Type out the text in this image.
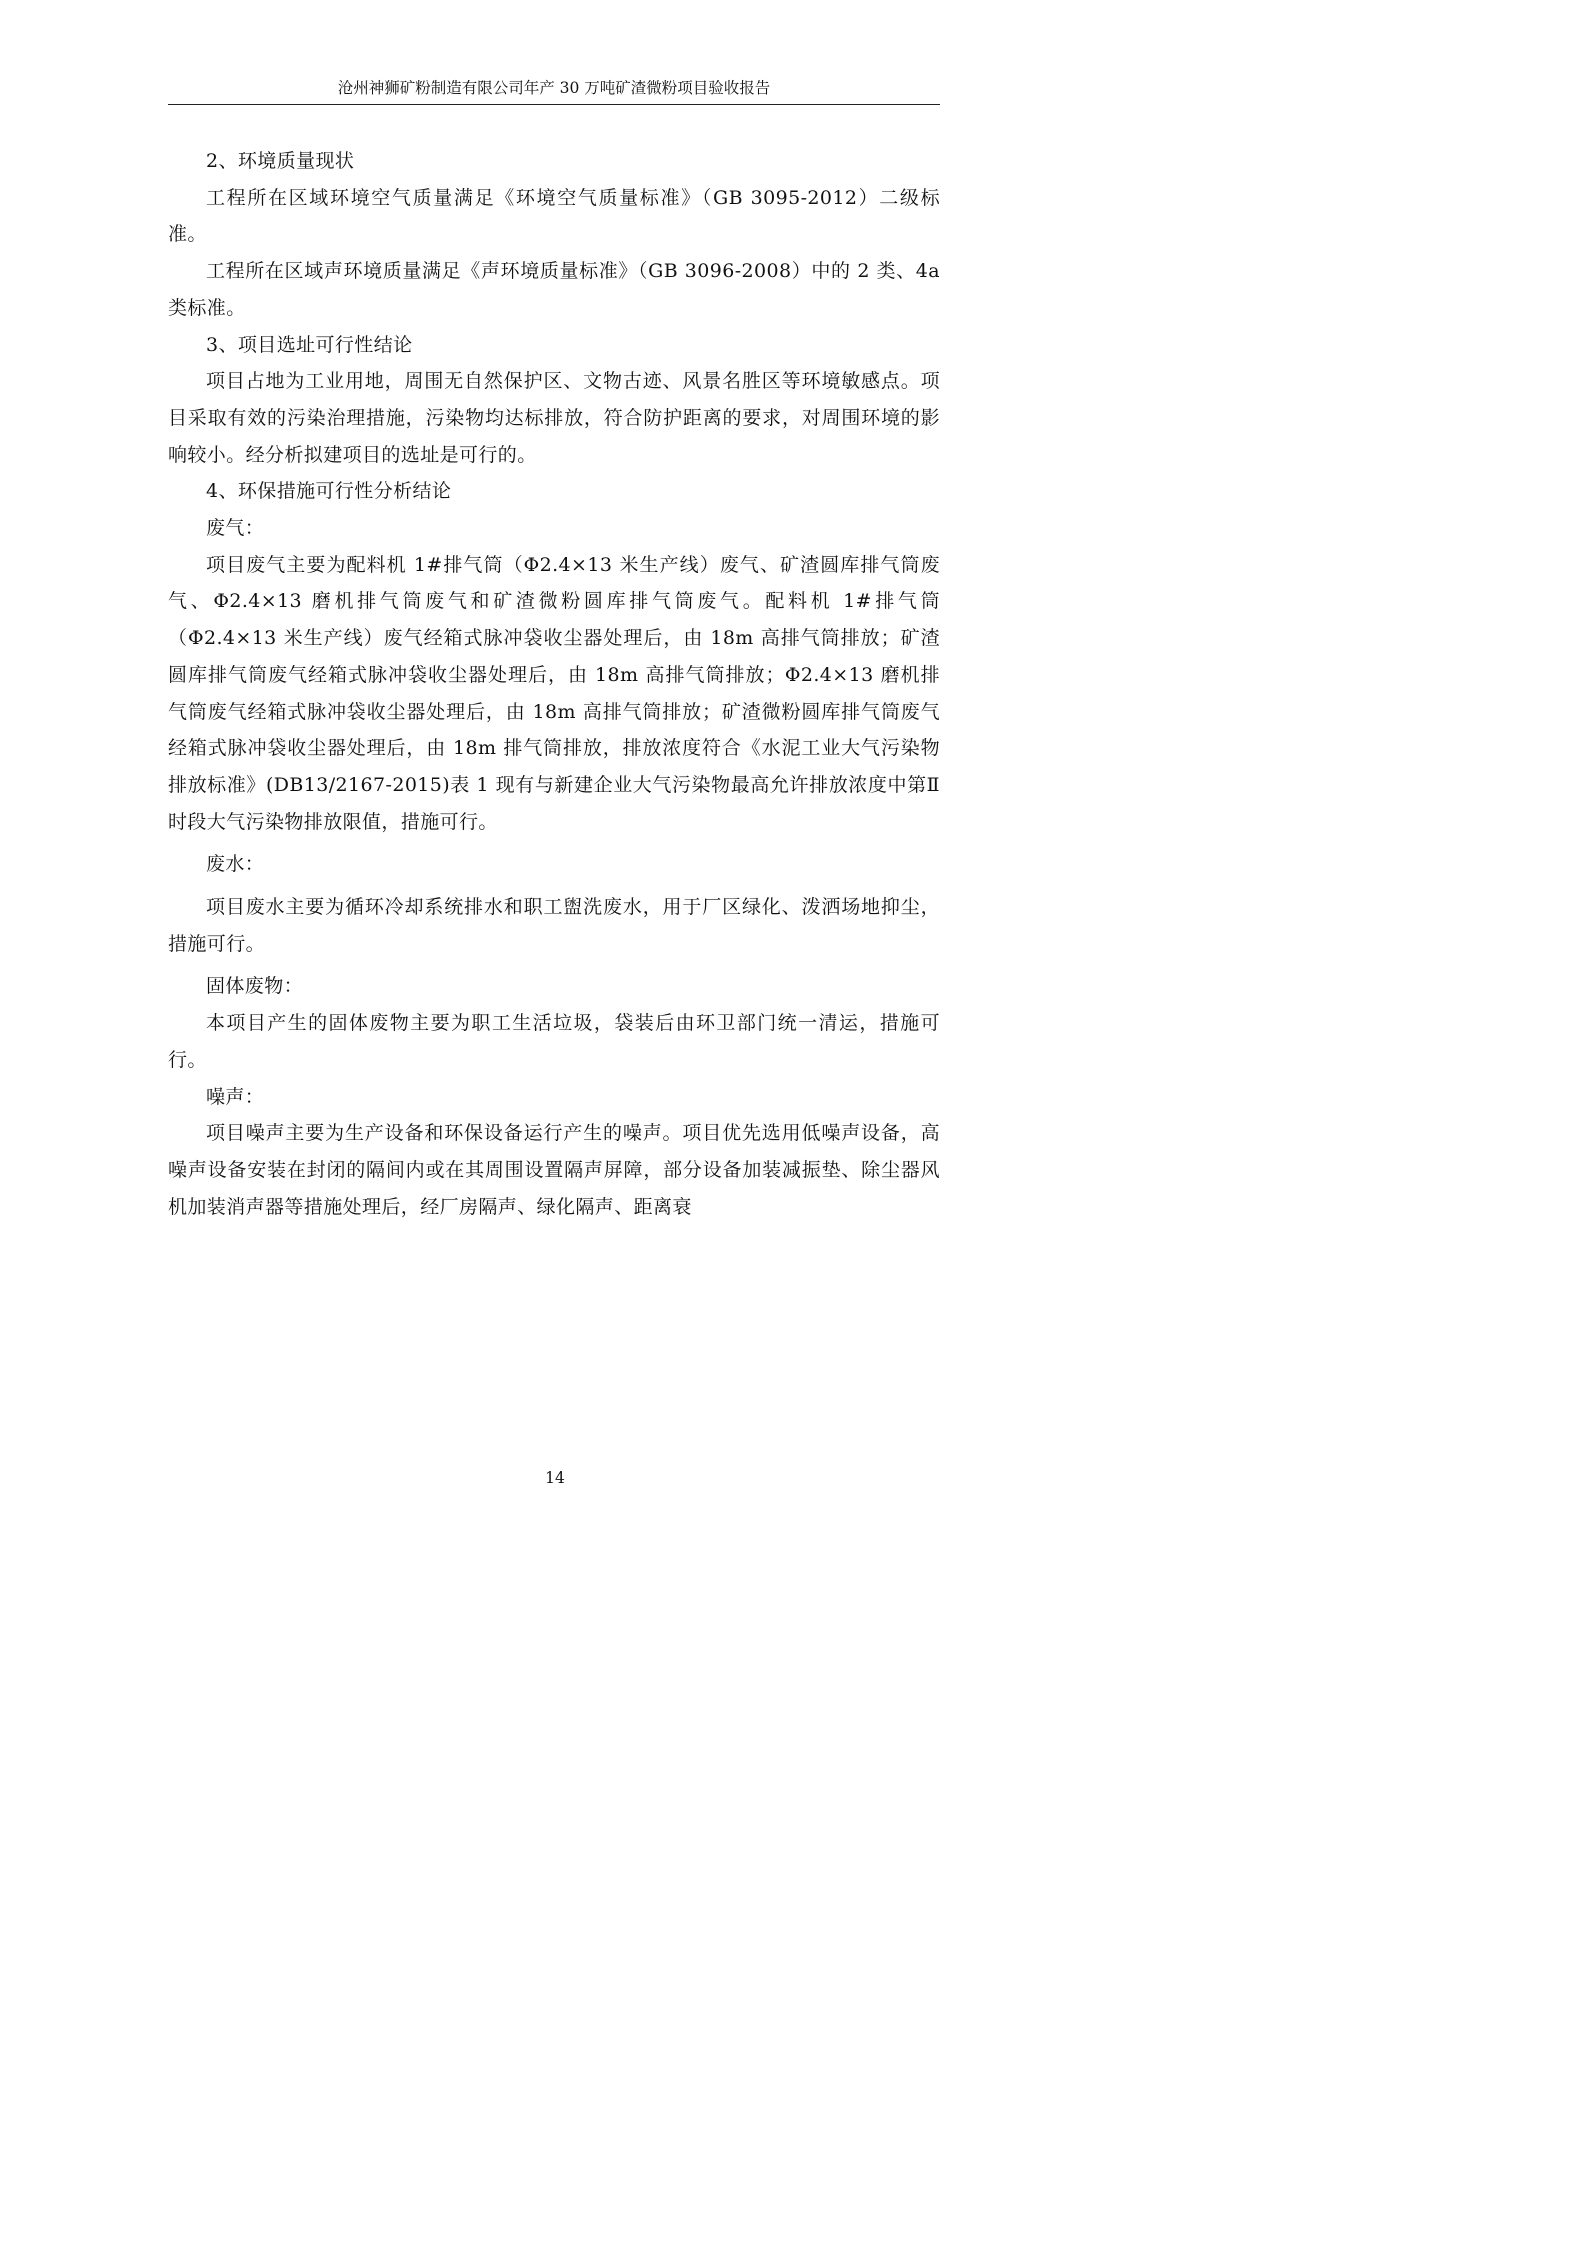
沧州神狮矿粉制造有限公司年产 30 万吨矿渣微粉项目验收报告

2、环境质量现状

工程所在区域环境空气质量满足《环境空气质量标准》（GB 3095-2012）二级标准。

工程所在区域声环境质量满足《声环境质量标准》（GB 3096-2008）中的 2 类、4a 类标准。

3、项目选址可行性结论

项目占地为工业用地，周围无自然保护区、文物古迹、风景名胜区等环境敏感点。项目采取有效的污染治理措施，污染物均达标排放，符合防护距离的要求，对周围环境的影响较小。经分析拟建项目的选址是可行的。

4、环保措施可行性分析结论

废气：

项目废气主要为配料机 1#排气筒（Φ2.4×13 米生产线）废气、矿渣圆库排气筒废气、Φ2.4×13 磨机排气筒废气和矿渣微粉圆库排气筒废气。配料机 1#排气筒（Φ2.4×13 米生产线）废气经箱式脉冲袋收尘器处理后，由 18m 高排气筒排放；矿渣圆库排气筒废气经箱式脉冲袋收尘器处理后，由 18m 高排气筒排放；Φ2.4×13 磨机排气筒废气经箱式脉冲袋收尘器处理后，由 18m 高排气筒排放；矿渣微粉圆库排气筒废气经箱式脉冲袋收尘器处理后，由 18m 排气筒排放，排放浓度符合《水泥工业大气污染物排放标准》(DB13/2167-2015)表 1 现有与新建企业大气污染物最高允许排放浓度中第Ⅱ时段大气污染物排放限值，措施可行。

废水：

项目废水主要为循环冷却系统排水和职工盥洗废水，用于厂区绿化、泼洒场地抑尘，措施可行。

固体废物：

本项目产生的固体废物主要为职工生活垃圾，袋装后由环卫部门统一清运，措施可行。

噪声：

项目噪声主要为生产设备和环保设备运行产生的噪声。项目优先选用低噪声设备，高噪声设备安装在封闭的隔间内或在其周围设置隔声屏障，部分设备加装减振垫、除尘器风机加装消声器等措施处理后，经厂房隔声、绿化隔声、距离衰

14
